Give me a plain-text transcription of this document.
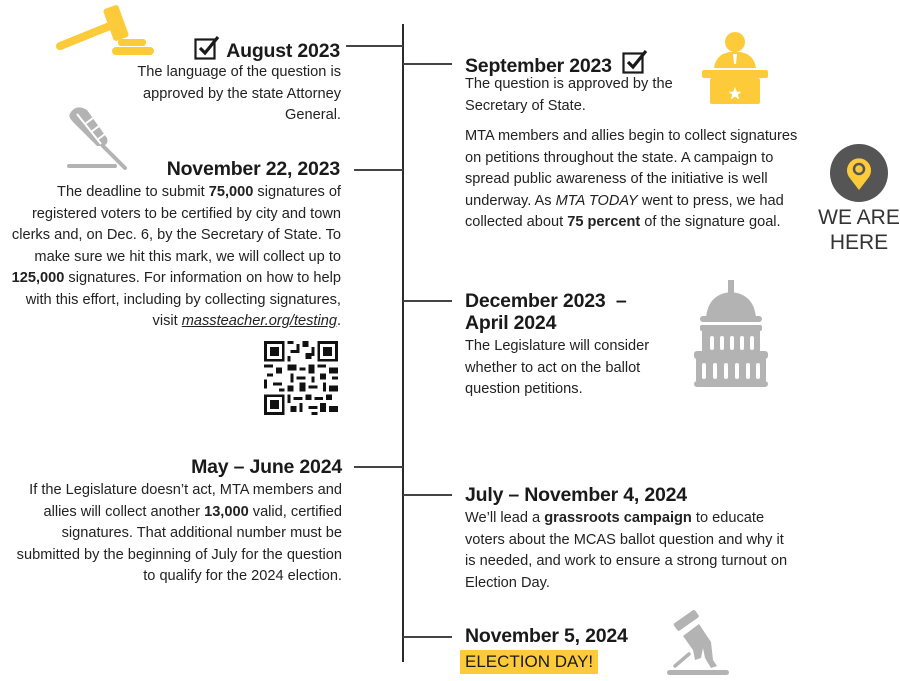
August 2023
The language of the question is approved by the state Attorney General.
November 22, 2023
The deadline to submit 75,000 signatures of registered voters to be certified by city and town clerks and, on Dec. 6, by the Secretary of State. To make sure we hit this mark, we will collect up to 125,000 signatures. For information on how to help with this effort, including by collecting signatures, visit massteacher.org/testing.
May – June 2024
If the Legislature doesn’t act, MTA members and allies will collect another 13,000 valid, certified signatures. That additional number must be submitted by the beginning of July for the question to qualify for the 2024 election.
September 2023
The question is approved by the Secretary of State.
MTA members and allies begin to collect signatures on petitions throughout the state. A campaign to spread public awareness of the initiative is well underway. As MTA TODAY went to press, we had collected about 75 percent of the signature goal.	WE ARE
HERE
December 2023  –
April 2024
The Legislature will consider whether to act on the ballot question petitions.
July – November 4, 2024
We’ll lead a grassroots campaign to educate voters about the MCAS ballot question and why it is needed, and work to ensure a strong turnout on Election Day.
November 5, 2024
ELECTION DAY!
